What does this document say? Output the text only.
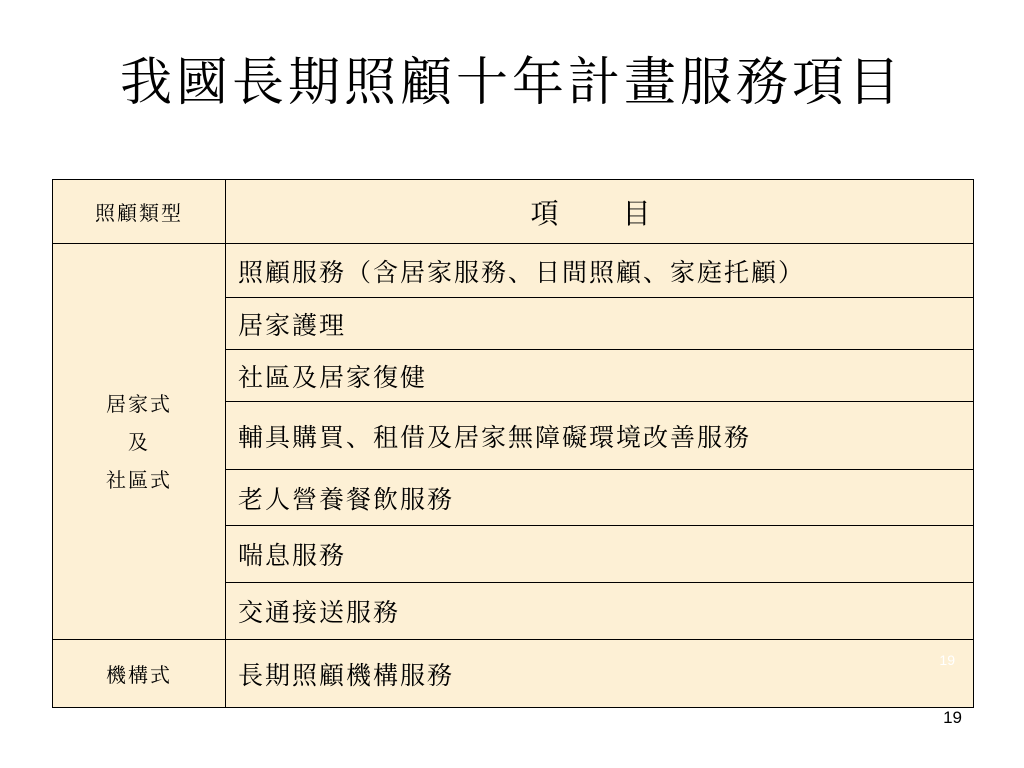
我國長期照顧十年計畫服務項目
照顧類型	項　目

居家式
及
社區式	照顧服務（含居家服務、日間照顧、家庭托顧）
	居家護理
	社區及居家復健
	輔具購買、租借及居家無障礙環境改善服務
	老人營養餐飲服務
	喘息服務
	交通接送服務
機構式	長期照顧機構服務
19
19
